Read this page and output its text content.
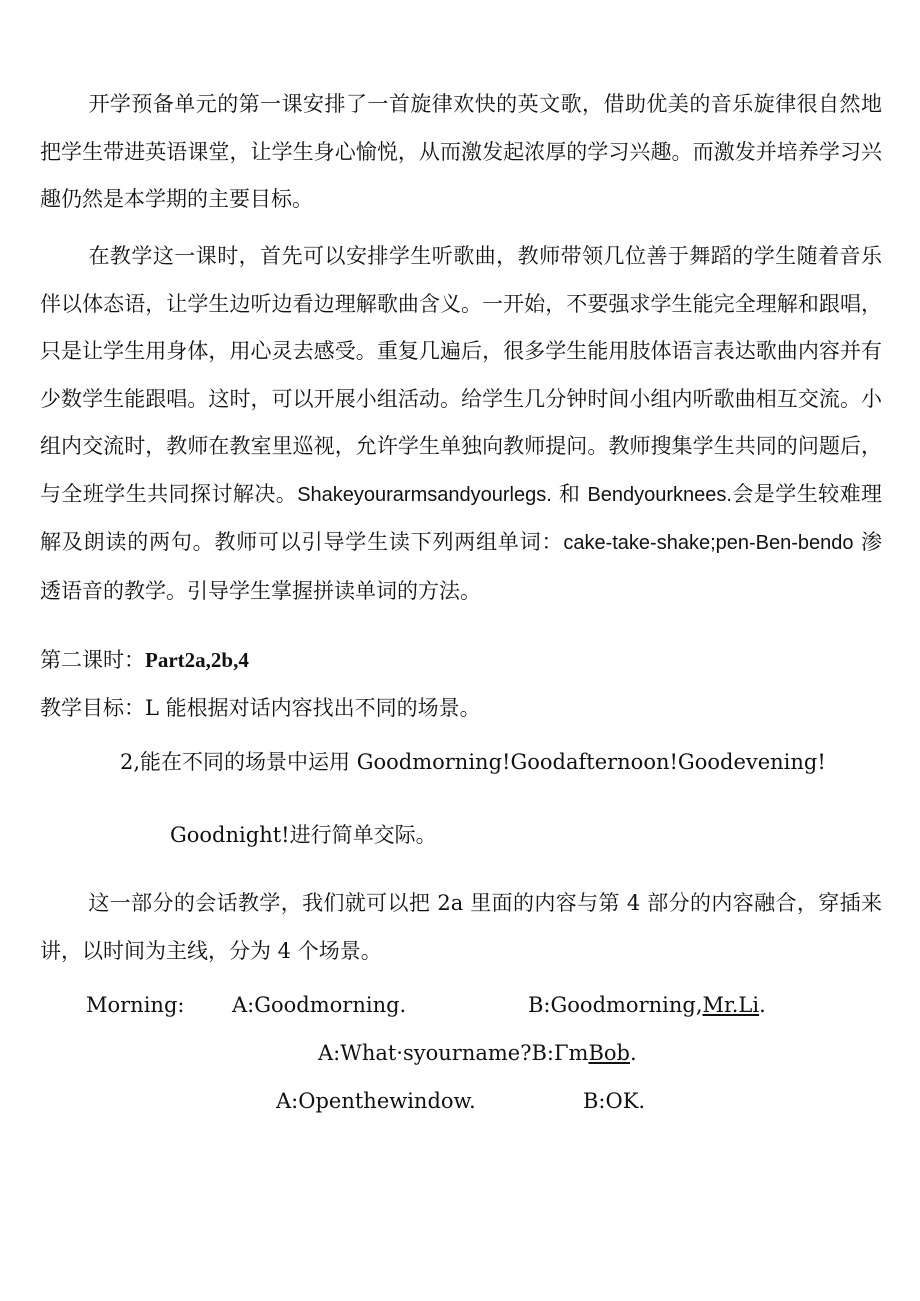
开学预备单元的第一课安排了一首旋律欢快的英文歌，借助优美的音乐旋律很自然地把学生带进英语课堂，让学生身心愉悦，从而激发起浓厚的学习兴趣。而激发并培养学习兴趣仍然是本学期的主要目标。

在教学这一课时，首先可以安排学生听歌曲，教师带领几位善于舞蹈的学生随着音乐伴以体态语，让学生边听边看边理解歌曲含义。一开始，不要强求学生能完全理解和跟唱，只是让学生用身体，用心灵去感受。重复几遍后，很多学生能用肢体语言表达歌曲内容并有少数学生能跟唱。这时，可以开展小组活动。给学生几分钟时间小组内听歌曲相互交流。小组内交流时，教师在教室里巡视，允许学生单独向教师提问。教师搜集学生共同的问题后，与全班学生共同探讨解决。Shakeyourarmsandyourlegs. 和 Bendyourknees.会是学生较难理解及朗读的两句。教师可以引导学生读下列两组单词：cake-take-shake;pen-Ben-bendo 渗透语音的教学。引导学生掌握拼读单词的方法。

第二课时：Part2a,2b,4

教学目标：L 能根据对话内容找出不同的场景。

2,能在不同的场景中运用 Goodmorning!Goodafternoon!Goodevening!

Goodnight!进行简单交际。

这一部分的会话教学，我们就可以把 2a 里面的内容与第 4 部分的内容融合，穿插来讲，以时间为主线，分为 4 个场景。

Morning: A:Goodmorning.	B:Goodmorning,Mr.Li.

A:What·syourname?B:ΓmBob.

A:Openthewindow.	B:OK.
